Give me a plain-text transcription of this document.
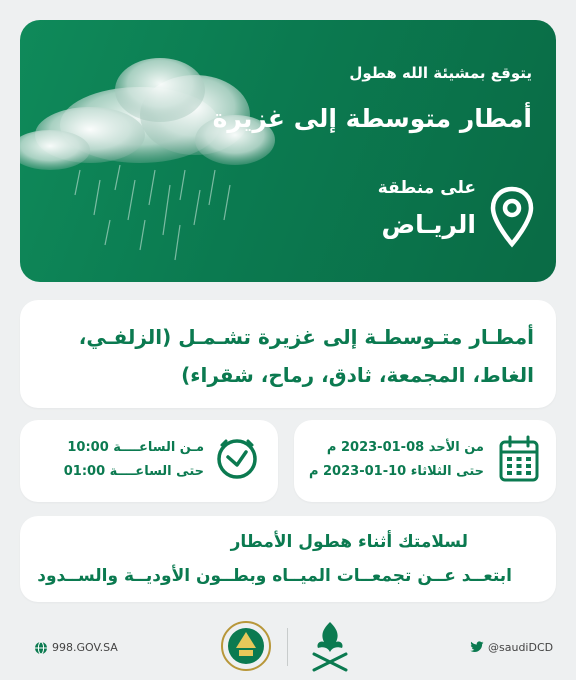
يتوقع بمشيئة الله هطول
أمطار متوسطة إلى غزيرة
على منطقة
الريـاض
أمطـار متـوسطـة إلى غزيرة تشـمـل (الزلفـي، الغاط، المجمعة، ثادق، رماح، شقراء)
من الأحد 08-01-2023 م
حتى الثلاثاء 10-01-2023 م
مـن الساعــــة 10:00
حتى الساعــــة 01:00
لسلامتك أثناء هطول الأمطار
ابتعــد عــن تجمعــات الميــاه وبطــون الأوديــة والســدود
998.GOV.SA	@saudiDCD
